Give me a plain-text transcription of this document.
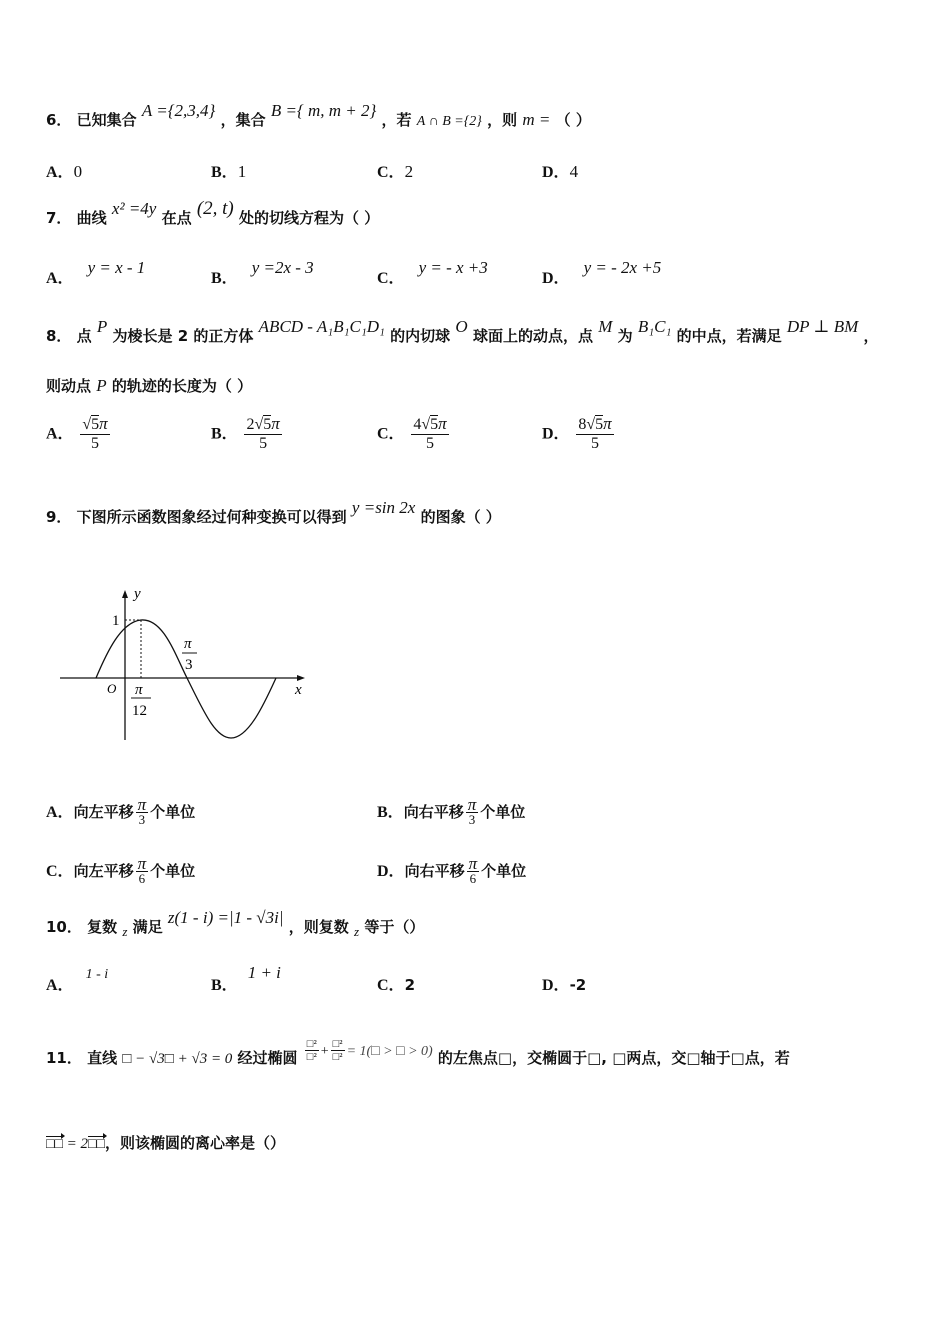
6． 已知集合 A ={2,3,4} ，集合 B ={ m, m + 2} ，若 A ∩ B ={2} ，则 m = （ ）
A．0	B．1	C．2	D．4
7． 曲线 x² =4y 在点 (2, t) 处的切线方程为（ ）
A．y = x - 1
B．y =2x - 3
C．y = - x +3
D．y = - 2x +5
8． 点 P 为棱长是 2 的正方体 ABCD - A₁B₁C₁D₁ 的内切球 O 球面上的动点，点 M 为 B₁C₁ 的中点，若满足 DP ⊥ BM ，
则动点 P 的轨迹的长度为（ ）
A． $\frac{√5\pi}{5}$	B． $\frac{2√5\pi}{5}$	C． $\frac{4√5\pi}{5}$	D． $\frac{8√5\pi}{5}$
9． 下图所示函数图象经过何种变换可以得到 y =sin 2x 的图象（ ）
y
x
O
1
π
3
π
12
A．向左平移 $\frac{\pi}{3}$ 个单位	B．向右平移 $\frac{\pi}{3}$ 个单位
C．向左平移 $\frac{\pi}{6}$ 个单位	D．向右平移 $\frac{\pi}{6}$ 个单位
10． 复数 z 满足 z(1 - i) =|1 - √3i| ，则复数 z 等于（）
A．1 - i
B．1 + i
C．2	D．-2
11． 直线 □ − √3□ + √3 = 0 经过椭圆 $\frac{\text{□²}}{\text{□²}} + \frac{\text{□²}}{\text{□²}}$ = 1(□ > □ > 0) 的左焦点□，交椭圆于□, □两点，交□轴于□点，若
□□ = 2□□，则该椭圆的离心率是（）
